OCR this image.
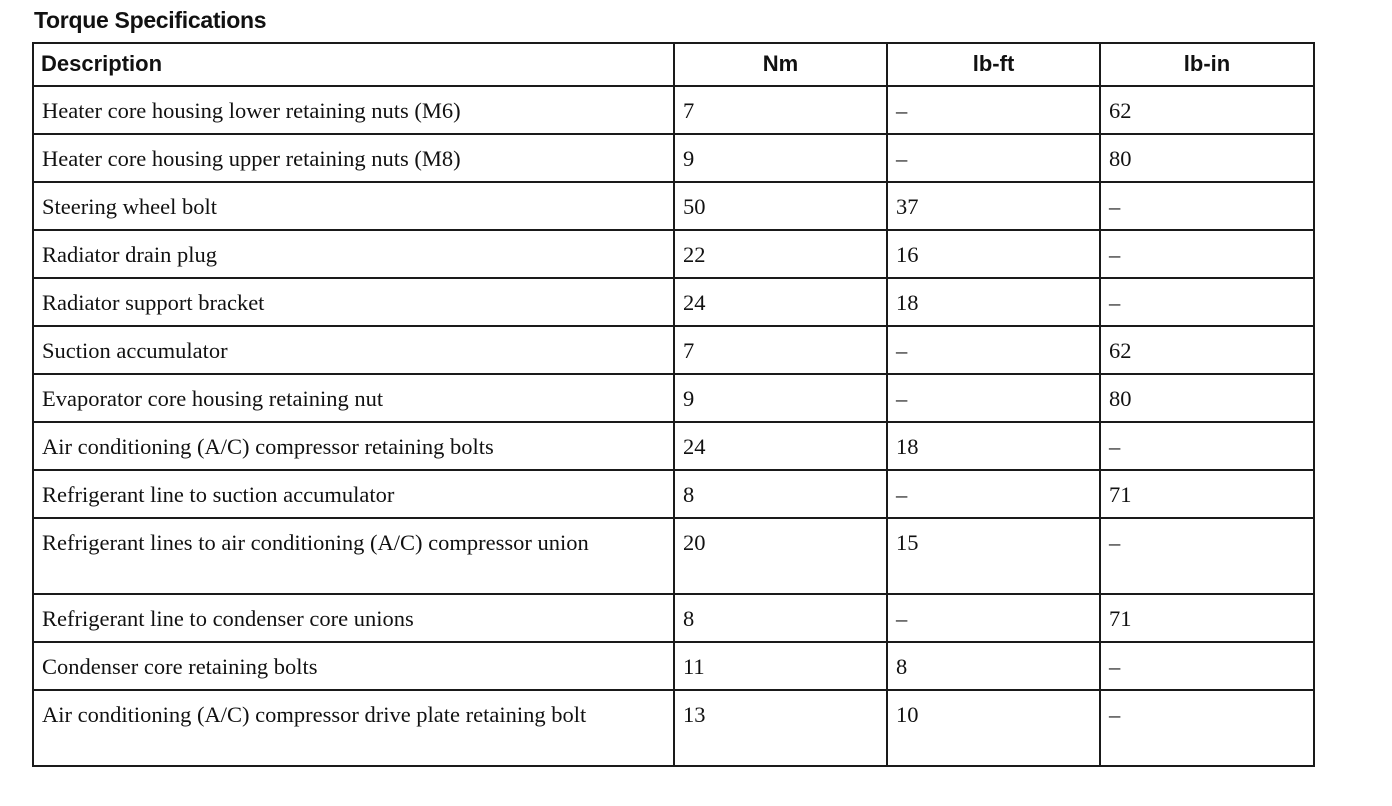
Torque Specifications
Description	Nm	lb-ft	lb-in
Heater core housing lower retaining nuts (M6)	7	–	62
Heater core housing upper retaining nuts (M8)	9	–	80
Steering wheel bolt	50	37	–
Radiator drain plug	22	16	–
Radiator support bracket	24	18	–
Suction accumulator	7	–	62
Evaporator core housing retaining nut	9	–	80
Air conditioning (A/C) compressor retaining bolts	24	18	–
Refrigerant line to suction accumulator	8	–	71
Refrigerant lines to air conditioning (A/C) compressor union	20	15	–
Refrigerant line to condenser core unions	8	–	71
Condenser core retaining bolts	11	8	–
Air conditioning (A/C) compressor drive plate retaining bolt	13	10	–
